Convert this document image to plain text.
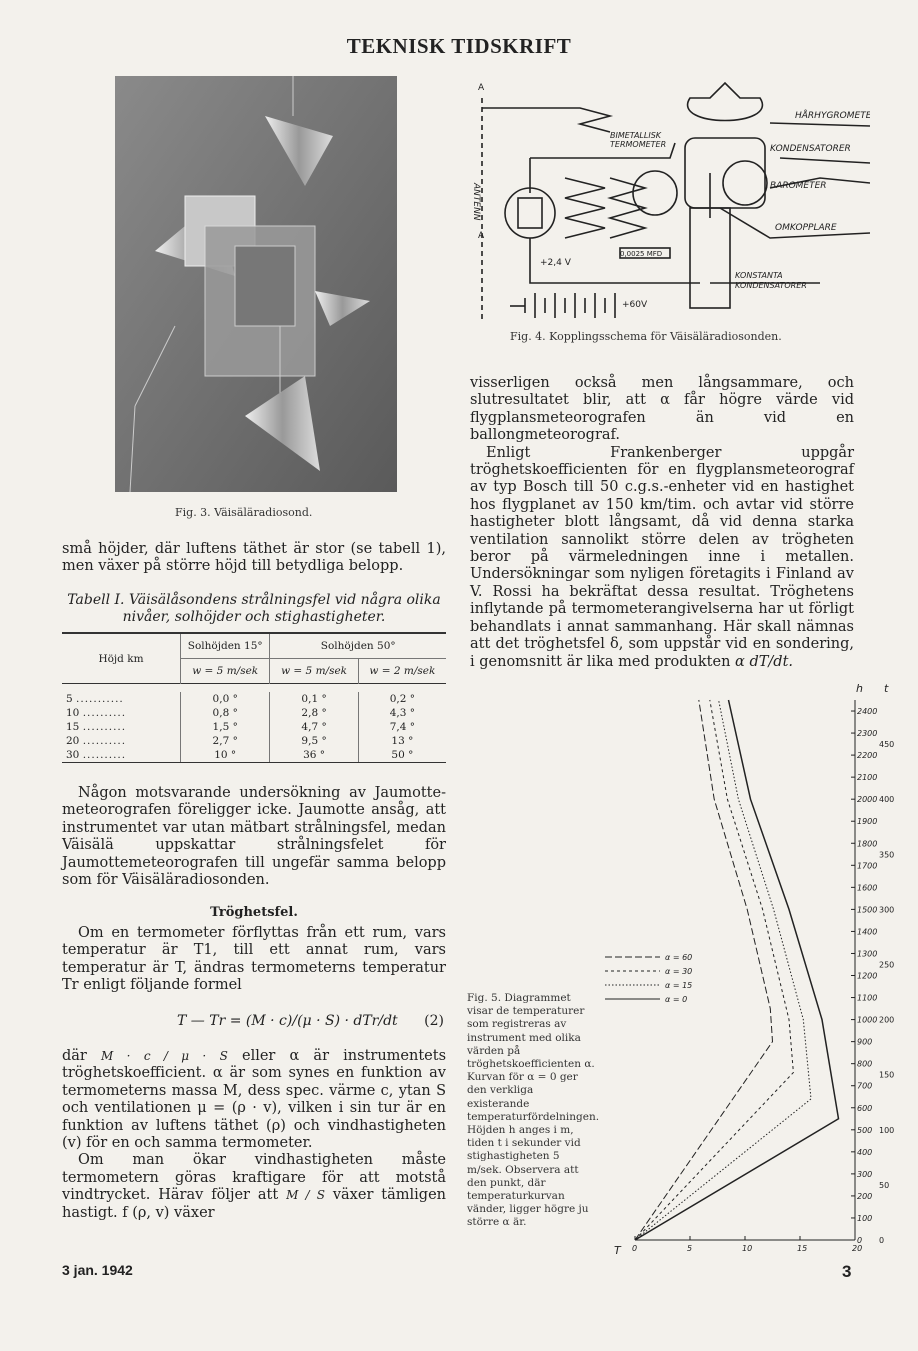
TEKNISK TIDSKRIFT
Fig. 3. Väisäläradiosond.
HÅRHYGROMETER
KONDENSATORER
BAROMETER
OMKOPPLARE
BIMETALLISK
TERMOMETER
KONSTANTA
KONDENSATORER
ANTENN
+2,4 V
+60V
0,0025 MFD
A
A
Fig. 4. Kopplingsschema för Väisäläradiosonden.

små höjder, där luftens täthet är stor (se tabell 1), men växer på större höjd till betydliga belopp.

Tabell I. Väisälåsondens strålningsfel vid några olika nivåer, solhöjder och stighastigheter.
Höjd km	Solhöjden 15°	Solhöjden 50°	
	w = 5 m/sek	w = 5 m/sek	w = 2 m/sek

5 ...........	0,0 °	0,1 °	0,2 °
10 ..........	0,8 °	2,8 °	4,3 °
15 ..........	1,5 °	4,7 °	7,4 °
20 ..........	2,7 °	9,5 °	13 °
30 ..........	10 °	36 °	50 °

Någon motsvarande undersökning av Jaumotte-meteorografen föreligger icke. Jaumotte ansåg, att instrumentet var utan mätbart strålningsfel, medan Väisälä uppskattar strålningsfelet för Jaumottemeteorografen till ungefär samma belopp som för Väisäläradiosonden.

Tröghetsfel.

Om en termometer förflyttas från ett rum, vars temperatur är T1, till ett annat rum, vars temperatur är T, ändras termometerns temperatur Tr enligt följande formel

T — Tr = (M · c)/(μ · S) · dTr/dt (2)

där M · c / μ · S eller α är instrumentets tröghetskoefficient. α är som synes en funktion av termometerns massa M, dess spec. värme c, ytan S och ventilationen μ = (ρ · v), vilken i sin tur är en funktion av luftens täthet (ρ) och vindhastigheten (v) för en och samma termometer.

Om man ökar vindhastigheten måste termometern göras kraftigare för att motstå vindtrycket. Härav följer att M / S växer tämligen hastigt. f (ρ, v) växer

visserligen också men långsammare, och slutresultatet blir, att α får högre värde vid flygplansmeteorografen än vid en ballongmeteorograf.

Enligt Frankenberger uppgår tröghetskoefficienten för en flygplansmeteorograf av typ Bosch till 50 c.g.s.-enheter vid en hastighet hos flygplanet av 150 km/tim. och avtar vid större hastigheter blott långsamt, då vid denna starka ventilation sannolikt större delen av trögheten beror på värmeledningen inne i metallen. Undersökningar som nyligen företagits i Finland av V. Rossi ha bekräftat dessa resultat. Tröghetens inflytande på termometerangivelserna har ut förligt behandlats i annat sammanhang. Här skall nämnas att det tröghetsfel δ, som uppstår vid en sondering, i genomsnitt är lika med produkten α dT/dt.

Fig. 5. Diagrammet visar de temperaturer som registreras av instrument med olika värden på tröghetskoefficienten α. Kurvan för α = 0 ger den verkliga existerande temperaturfördelningen. Höjden h anges i m, tiden t i sekunder vid stighastigheten 5 m/sek. Observera att den punkt, där temperaturkurvan vänder, ligger högre ju större α är.
0
100
200
300
400
500
600
700
800
900
1000
1100
1200
1300
1400
1500
1600
1700
1800
1900
2000
2100
2200
2300
2400
0
50
100
150
200
250
300
350
400
450
0	5	10	15	20
α = 60
α = 30
α = 15
α = 0
h t
T
3 jan. 1942	3
